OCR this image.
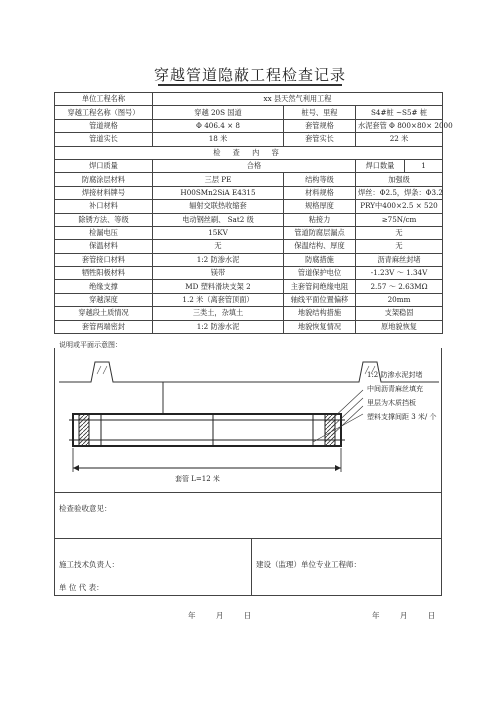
穿越管道隐蔽工程检查记录
单位工程名称	xx 县天然气利用工程			
穿越工程名称（图号）	穿越 20S 国道	桩号、里程	S4#桩 ~S5# 桩	
管道规格	Φ 406.4 × 8	套管规格	水泥套管 Φ 800×80× 2000	
管道实长	18 米	套管实长	22 米	
检 查 内 容				
焊口质量	合格		焊口数量	1
防腐涂层材料	三层 PE	结构等级	加强级	
焊接材料牌号	H00SMn2SiA E4315	材料规格	焊丝：Φ2.5，焊条：Φ3.2	
补口材料	辐射交联热收缩套	规格厚度	PRY中400×2.5 × 520	
除锈方法、等级	电动钢丝刷、 Sat2 级	粘接力	≥75N/cm	
检漏电压	15KV	管道防腐层漏点	无	
保温材料	无	保温结构、厚度	无	
套管接口材料	1:2 防渗水泥	防腐措施	沥青麻丝封堵	
牺牲阳极材料	镁带	管道保护电位	-1.23V ～ 1.34V	
绝缘支撑	MD 塑料滑块支架 2	主套管间绝缘电阻	2.57 ～ 2.63MΩ	
穿越深度	1.2 米（离套管顶面）	轴线平面位置偏移	20mm	
穿越段土质情况	三类土，杂填土	地貌结构措施	支架稳固	
套管两端密封	1:2 防渗水泥	地貌恢复情况	原地貌恢复	
说明或平面示意图：
1:2 防渗水泥封堵
中间沥青麻丝填充
里层为木质挡板
塑料支撑间距 3 米/ 个
套管 L=12 米
检查验收意见：
施工技术负责人：
单 位 代 表：
建设（监理）单位专业工程师：
年 月 日	年 月 日
